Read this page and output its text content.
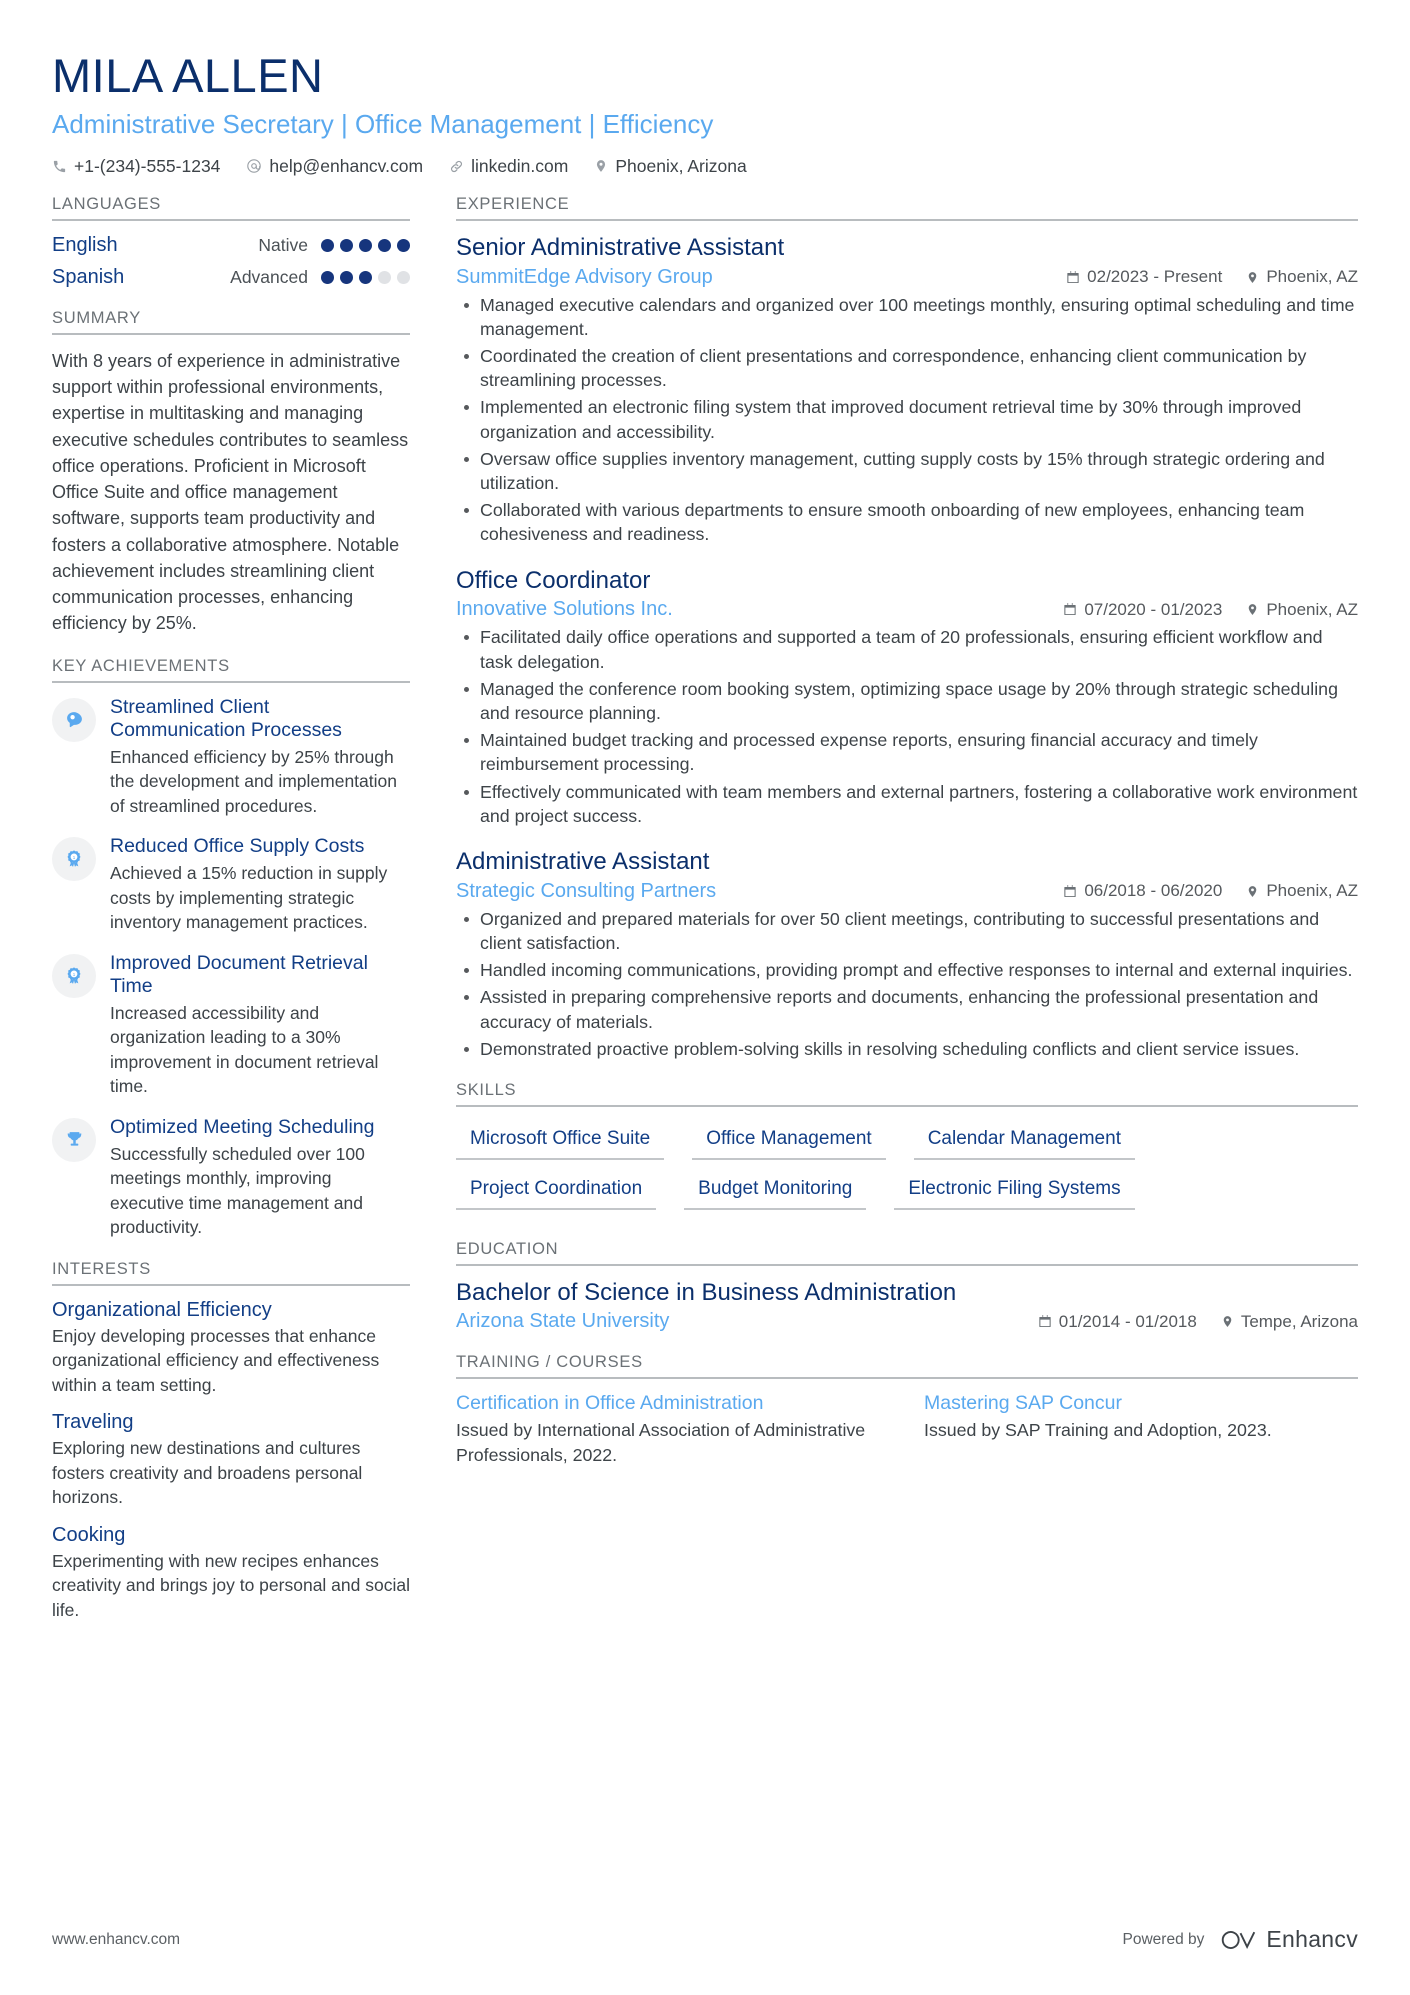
MILA ALLEN
Administrative Secretary | Office Management | Efficiency
+1-(234)-555-1234	help@enhancv.com	linkedin.com	Phoenix, Arizona
LANGUAGES
English	Native
Spanish	Advanced
SUMMARY
With 8 years of experience in administrative support within professional environments, expertise in multitasking and managing executive schedules contributes to seamless office operations. Proficient in Microsoft Office Suite and office management software, supports team productivity and fosters a collaborative atmosphere. Notable achievement includes streamlining client communication processes, enhancing efficiency by 25%.
KEY ACHIEVEMENTS
Streamlined Client Communication Processes
Enhanced efficiency by 25% through the development and implementation of streamlined procedures.
1
Reduced Office Supply Costs
Achieved a 15% reduction in supply costs by implementing strategic inventory management practices.
1
Improved Document Retrieval Time
Increased accessibility and organization leading to a 30% improvement in document retrieval time.
Optimized Meeting Scheduling
Successfully scheduled over 100 meetings monthly, improving executive time management and productivity.
INTERESTS
Organizational Efficiency
Enjoy developing processes that enhance organizational efficiency and effectiveness within a team setting.
Traveling
Exploring new destinations and cultures fosters creativity and broadens personal horizons.
Cooking
Experimenting with new recipes enhances creativity and brings joy to personal and social life.
EXPERIENCE
Senior Administrative Assistant
SummitEdge Advisory Group	02/2023 - Present	Phoenix, AZ
Managed executive calendars and organized over 100 meetings monthly, ensuring optimal scheduling and time management.
Coordinated the creation of client presentations and correspondence, enhancing client communication by streamlining processes.
Implemented an electronic filing system that improved document retrieval time by 30% through improved organization and accessibility.
Oversaw office supplies inventory management, cutting supply costs by 15% through strategic ordering and utilization.
Collaborated with various departments to ensure smooth onboarding of new employees, enhancing team cohesiveness and readiness.
Office Coordinator
Innovative Solutions Inc.	07/2020 - 01/2023	Phoenix, AZ
Facilitated daily office operations and supported a team of 20 professionals, ensuring efficient workflow and task delegation.
Managed the conference room booking system, optimizing space usage by 20% through strategic scheduling and resource planning.
Maintained budget tracking and processed expense reports, ensuring financial accuracy and timely reimbursement processing.
Effectively communicated with team members and external partners, fostering a collaborative work environment and project success.
Administrative Assistant
Strategic Consulting Partners	06/2018 - 06/2020	Phoenix, AZ
Organized and prepared materials for over 50 client meetings, contributing to successful presentations and client satisfaction.
Handled incoming communications, providing prompt and effective responses to internal and external inquiries.
Assisted in preparing comprehensive reports and documents, enhancing the professional presentation and accuracy of materials.
Demonstrated proactive problem-solving skills in resolving scheduling conflicts and client service issues.
SKILLS
Microsoft Office Suite	Office Management	Calendar Management
Project Coordination	Budget Monitoring	Electronic Filing Systems
EDUCATION
Bachelor of Science in Business Administration
Arizona State University	01/2014 - 01/2018	Tempe, Arizona
TRAINING / COURSES
Certification in Office Administration
Issued by International Association of Administrative Professionals, 2022.
Mastering SAP Concur
Issued by SAP Training and Adoption, 2023.
www.enhancv.com	Powered by	Enhancv
